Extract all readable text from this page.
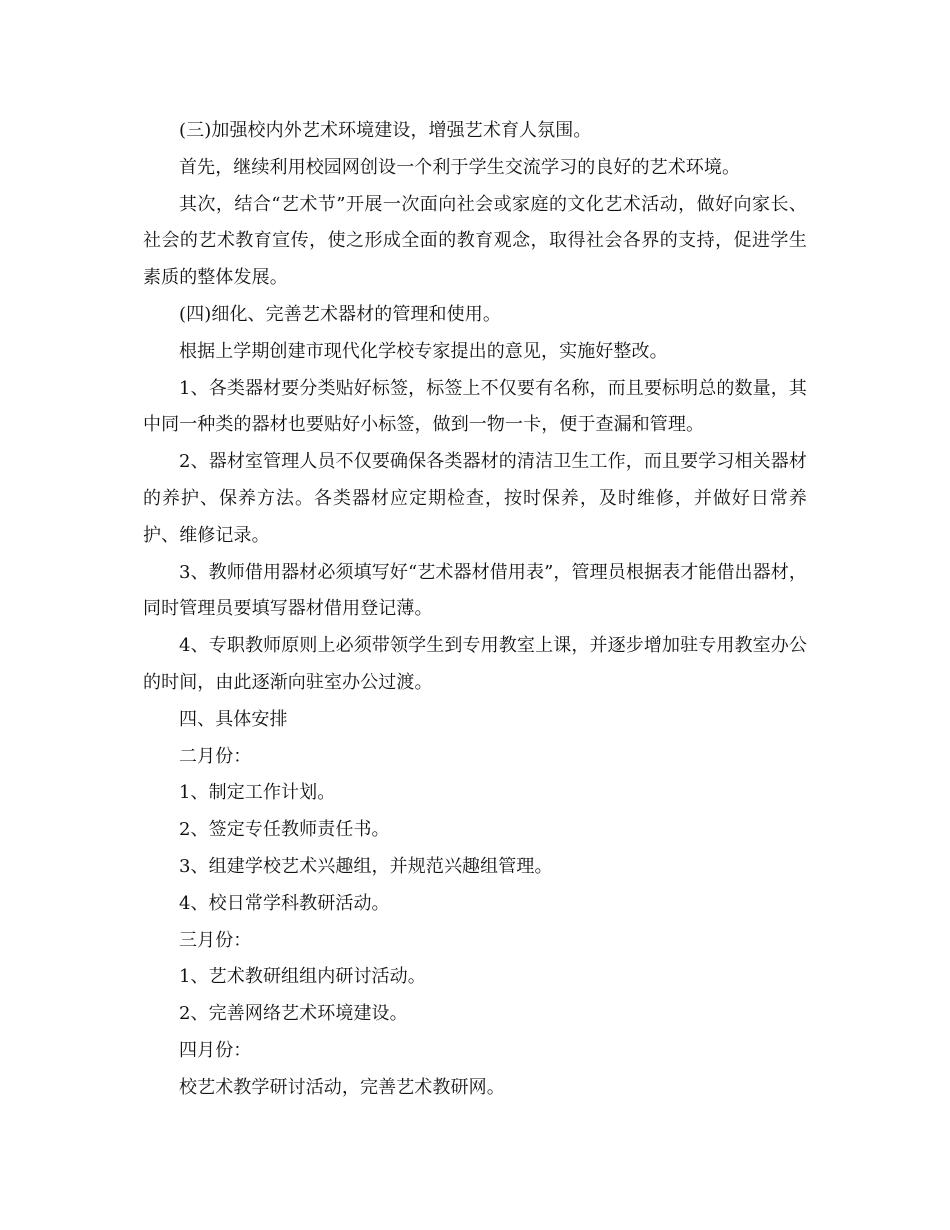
(三)加强校内外艺术环境建设，增强艺术育人氛围。

首先，继续利用校园网创设一个利于学生交流学习的良好的艺术环境。

其次，结合“艺术节”开展一次面向社会或家庭的文化艺术活动，做好向家长、社会的艺术教育宣传，使之形成全面的教育观念，取得社会各界的支持，促进学生素质的整体发展。

(四)细化、完善艺术器材的管理和使用。

根据上学期创建市现代化学校专家提出的意见，实施好整改。

1、各类器材要分类贴好标签，标签上不仅要有名称，而且要标明总的数量，其中同一种类的器材也要贴好小标签，做到一物一卡，便于查漏和管理。

2、器材室管理人员不仅要确保各类器材的清洁卫生工作，而且要学习相关器材的养护、保养方法。各类器材应定期检查，按时保养，及时维修，并做好日常养护、维修记录。

3、教师借用器材必须填写好“艺术器材借用表”，管理员根据表才能借出器材，同时管理员要填写器材借用登记薄。

4、专职教师原则上必须带领学生到专用教室上课，并逐步增加驻专用教室办公的时间，由此逐渐向驻室办公过渡。

四、具体安排

二月份：

1、制定工作计划。

2、签定专任教师责任书。

3、组建学校艺术兴趣组，并规范兴趣组管理。

4、校日常学科教研活动。

三月份：

1、艺术教研组组内研讨活动。

2、完善网络艺术环境建设。

四月份：

校艺术教学研讨活动，完善艺术教研网。
